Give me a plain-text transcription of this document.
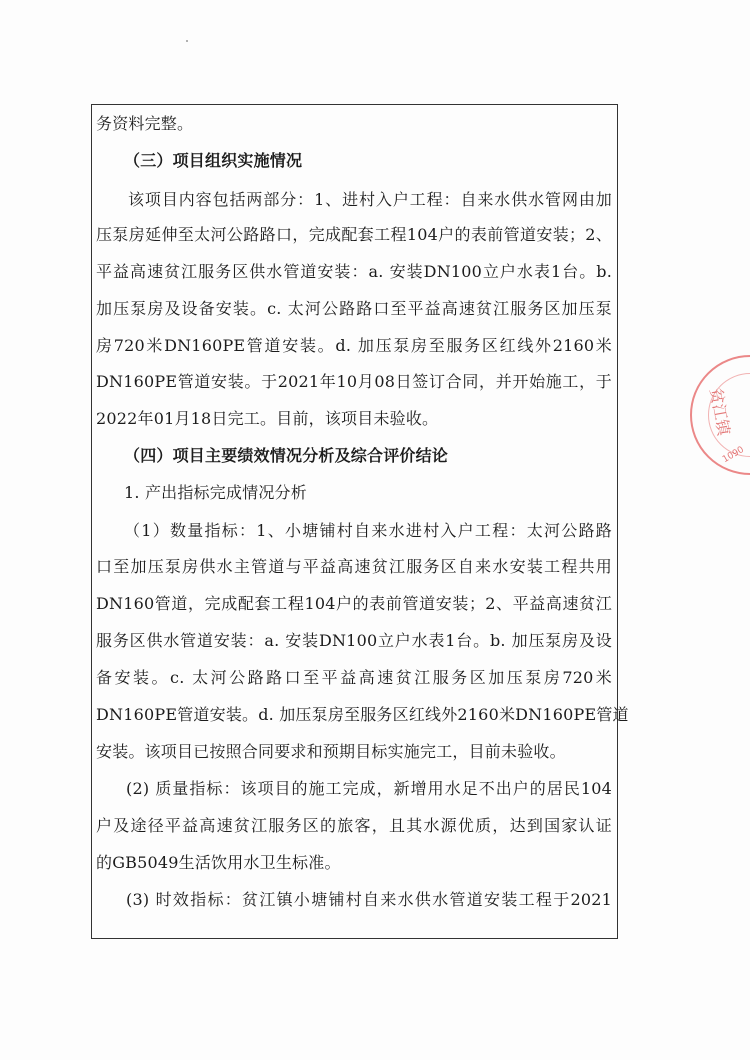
务资料完整。
（三）项目组织实施情况
该项目内容包括两部分：1、进村入户工程：自来水供水管网由加
压泵房延伸至太河公路路口，完成配套工程104户的表前管道安装；2、
平益高速贫江服务区供水管道安装：a. 安装DN100立户水表1台。b.
加压泵房及设备安装。c. 太河公路路口至平益高速贫江服务区加压泵
房720米DN160PE管道安装。d. 加压泵房至服务区红线外2160米
DN160PE管道安装。于2021年10月08日签订合同，并开始施工，于
2022年01月18日完工。目前，该项目未验收。
（四）项目主要绩效情况分析及综合评价结论
1. 产出指标完成情况分析
（1）数量指标：1、小塘铺村自来水进村入户工程：太河公路路
口至加压泵房供水主管道与平益高速贫江服务区自来水安装工程共用
DN160管道，完成配套工程104户的表前管道安装；2、平益高速贫江
服务区供水管道安装：a. 安装DN100立户水表1台。b. 加压泵房及设
备安装。c. 太河公路路口至平益高速贫江服务区加压泵房720米
DN160PE管道安装。d. 加压泵房至服务区红线外2160米DN160PE管道
安装。该项目已按照合同要求和预期目标实施完工，目前未验收。
(2) 质量指标：该项目的施工完成，新增用水足不出户的居民104
户及途径平益高速贫江服务区的旅客，且其水源优质，达到国家认证
的GB5049生活饮用水卫生标准。
(3) 时效指标：贫江镇小塘铺村自来水供水管道安装工程于2021
贫江镇
1090
